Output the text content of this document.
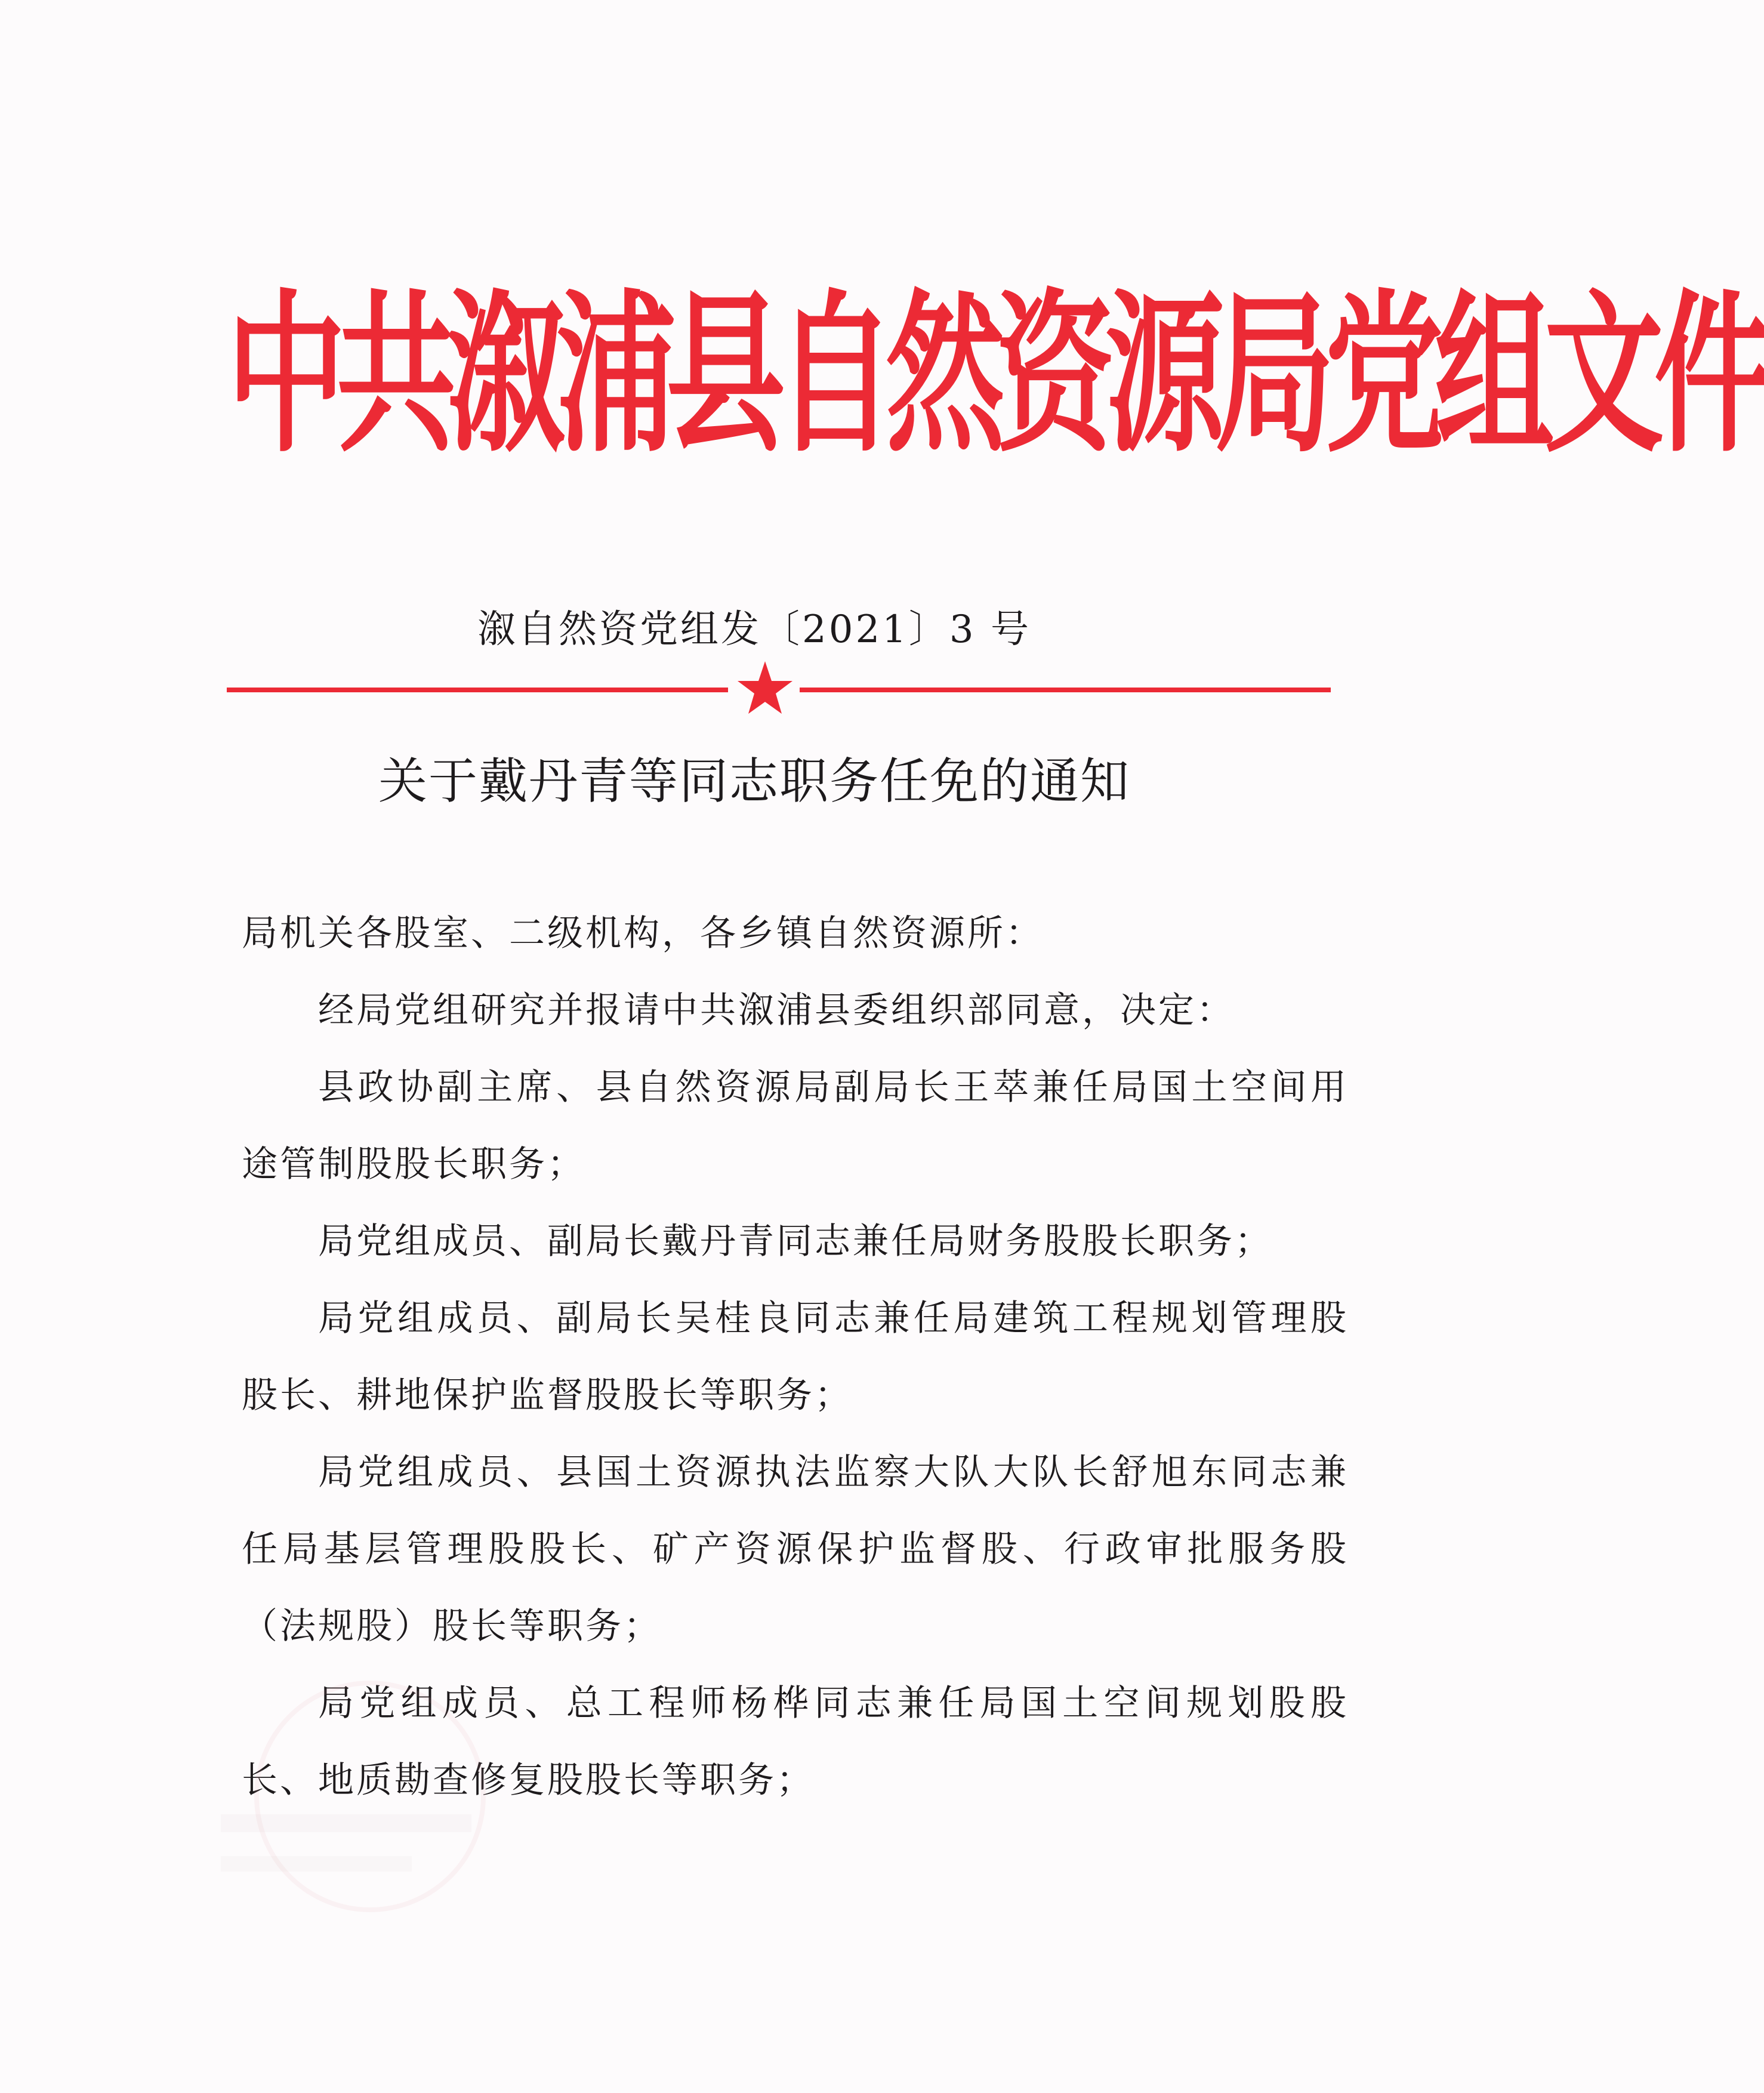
中共溆浦县自然资源局党组文件
溆自然资党组发〔2021〕3 号
关于戴丹青等同志职务任免的通知

局机关各股室、二级机构，各乡镇自然资源所：

经局党组研究并报请中共溆浦县委组织部同意，决定：

县政协副主席、县自然资源局副局长王萃兼任局国土空间用途管制股股长职务；

局党组成员、副局长戴丹青同志兼任局财务股股长职务；

局党组成员、副局长吴桂良同志兼任局建筑工程规划管理股股长、耕地保护监督股股长等职务；

局党组成员、县国土资源执法监察大队大队长舒旭东同志兼任局基层管理股股长、矿产资源保护监督股、行政审批服务股（法规股）股长等职务；

局党组成员、总工程师杨桦同志兼任局国土空间规划股股长、地质勘查修复股股长等职务；
